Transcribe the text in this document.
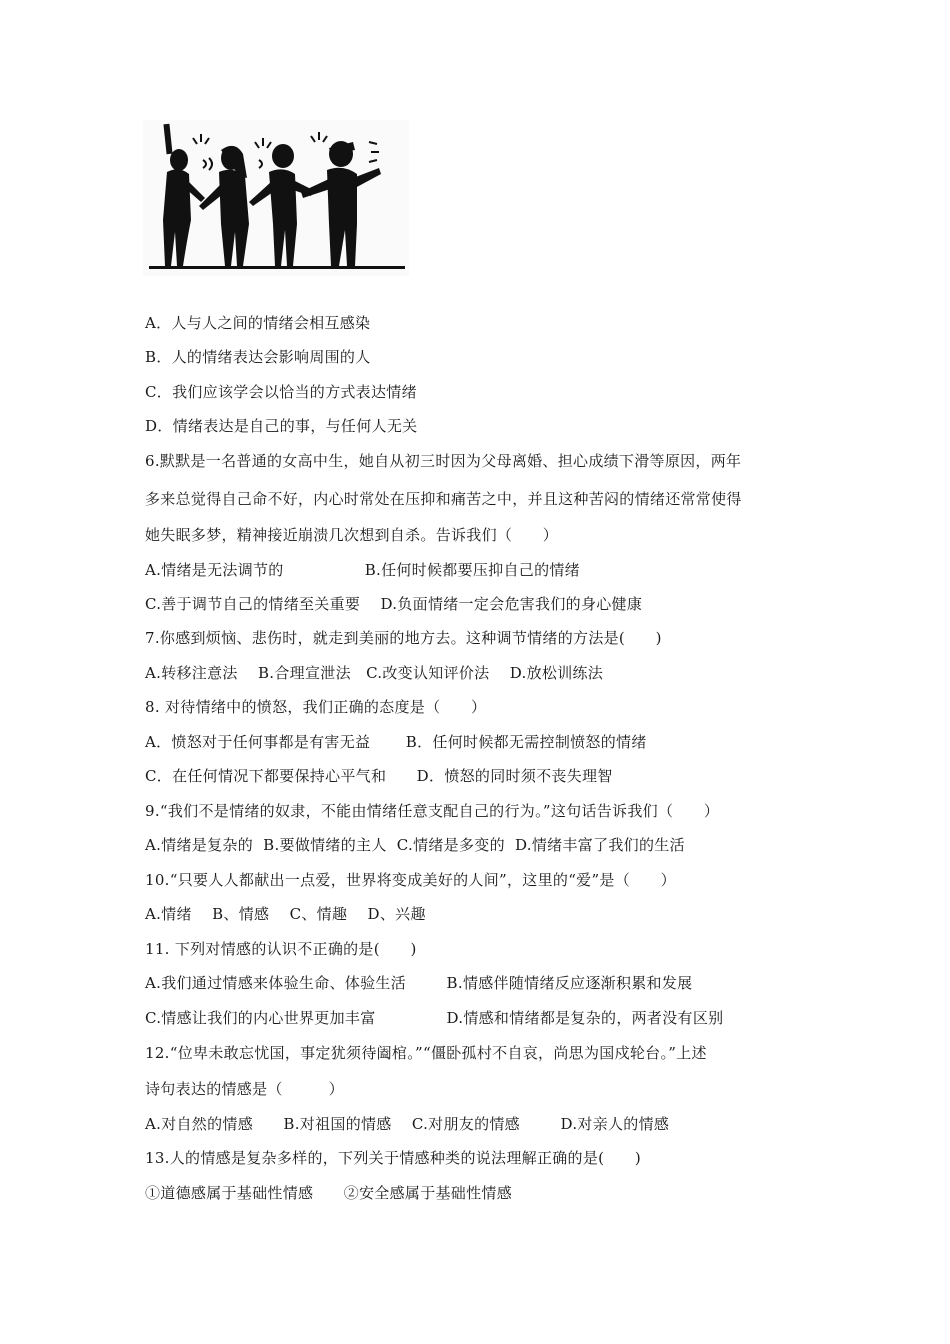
A．人与人之间的情绪会相互感染
B．人的情绪表达会影响周围的人
C．我们应该学会以恰当的方式表达情绪
D．情绪表达是自己的事，与任何人无关
6.默默是一名普通的女高中生，她自从初三时因为父母离婚、担心成绩下滑等原因，两年
多来总觉得自己命不好，内心时常处在压抑和痛苦之中，并且这种苦闷的情绪还常常使得
她失眠多梦，精神接近崩溃几次想到自杀。告诉我们（　　）
A.情绪是无法调节的                B.任何时候都要压抑自己的情绪
C.善于调节自己的情绪至关重要    D.负面情绪一定会危害我们的身心健康
7.你感到烦恼、悲伤时，就走到美丽的地方去。这种调节情绪的方法是(　　)
A.转移注意法    B.合理宣泄法   C.改变认知评价法    D.放松训练法
8. 对待情绪中的愤怒，我们正确的态度是（　　）
A．愤怒对于任何事都是有害无益       B．任何时候都无需控制愤怒的情绪
C．在任何情况下都要保持心平气和      D．愤怒的同时须不丧失理智
9.“我们不是情绪的奴隶，不能由情绪任意支配自己的行为。”这句话告诉我们（　　）
A.情绪是复杂的  B.要做情绪的主人  C.情绪是多变的  D.情绪丰富了我们的生活
10.“只要人人都献出一点爱，世界将变成美好的人间”，这里的“爱”是（　　）
A.情绪    B、情感    C、情趣    D、兴趣
11. 下列对情感的认识不正确的是(　　)
A.我们通过情感来体验生命、体验生活        B.情感伴随情绪反应逐渐积累和发展
C.情感让我们的内心世界更加丰富              D.情感和情绪都是复杂的，两者没有区别
12.“位卑未敢忘忧国，事定犹须待阖棺。”“僵卧孤村不自哀，尚思为国戍轮台。”上述
诗句表达的情感是（　　　）
A.对自然的情感      B.对祖国的情感    C.对朋友的情感        D.对亲人的情感
13.人的情感是复杂多样的，下列关于情感种类的说法理解正确的是(　　)
①道德感属于基础性情感      ②安全感属于基础性情感
